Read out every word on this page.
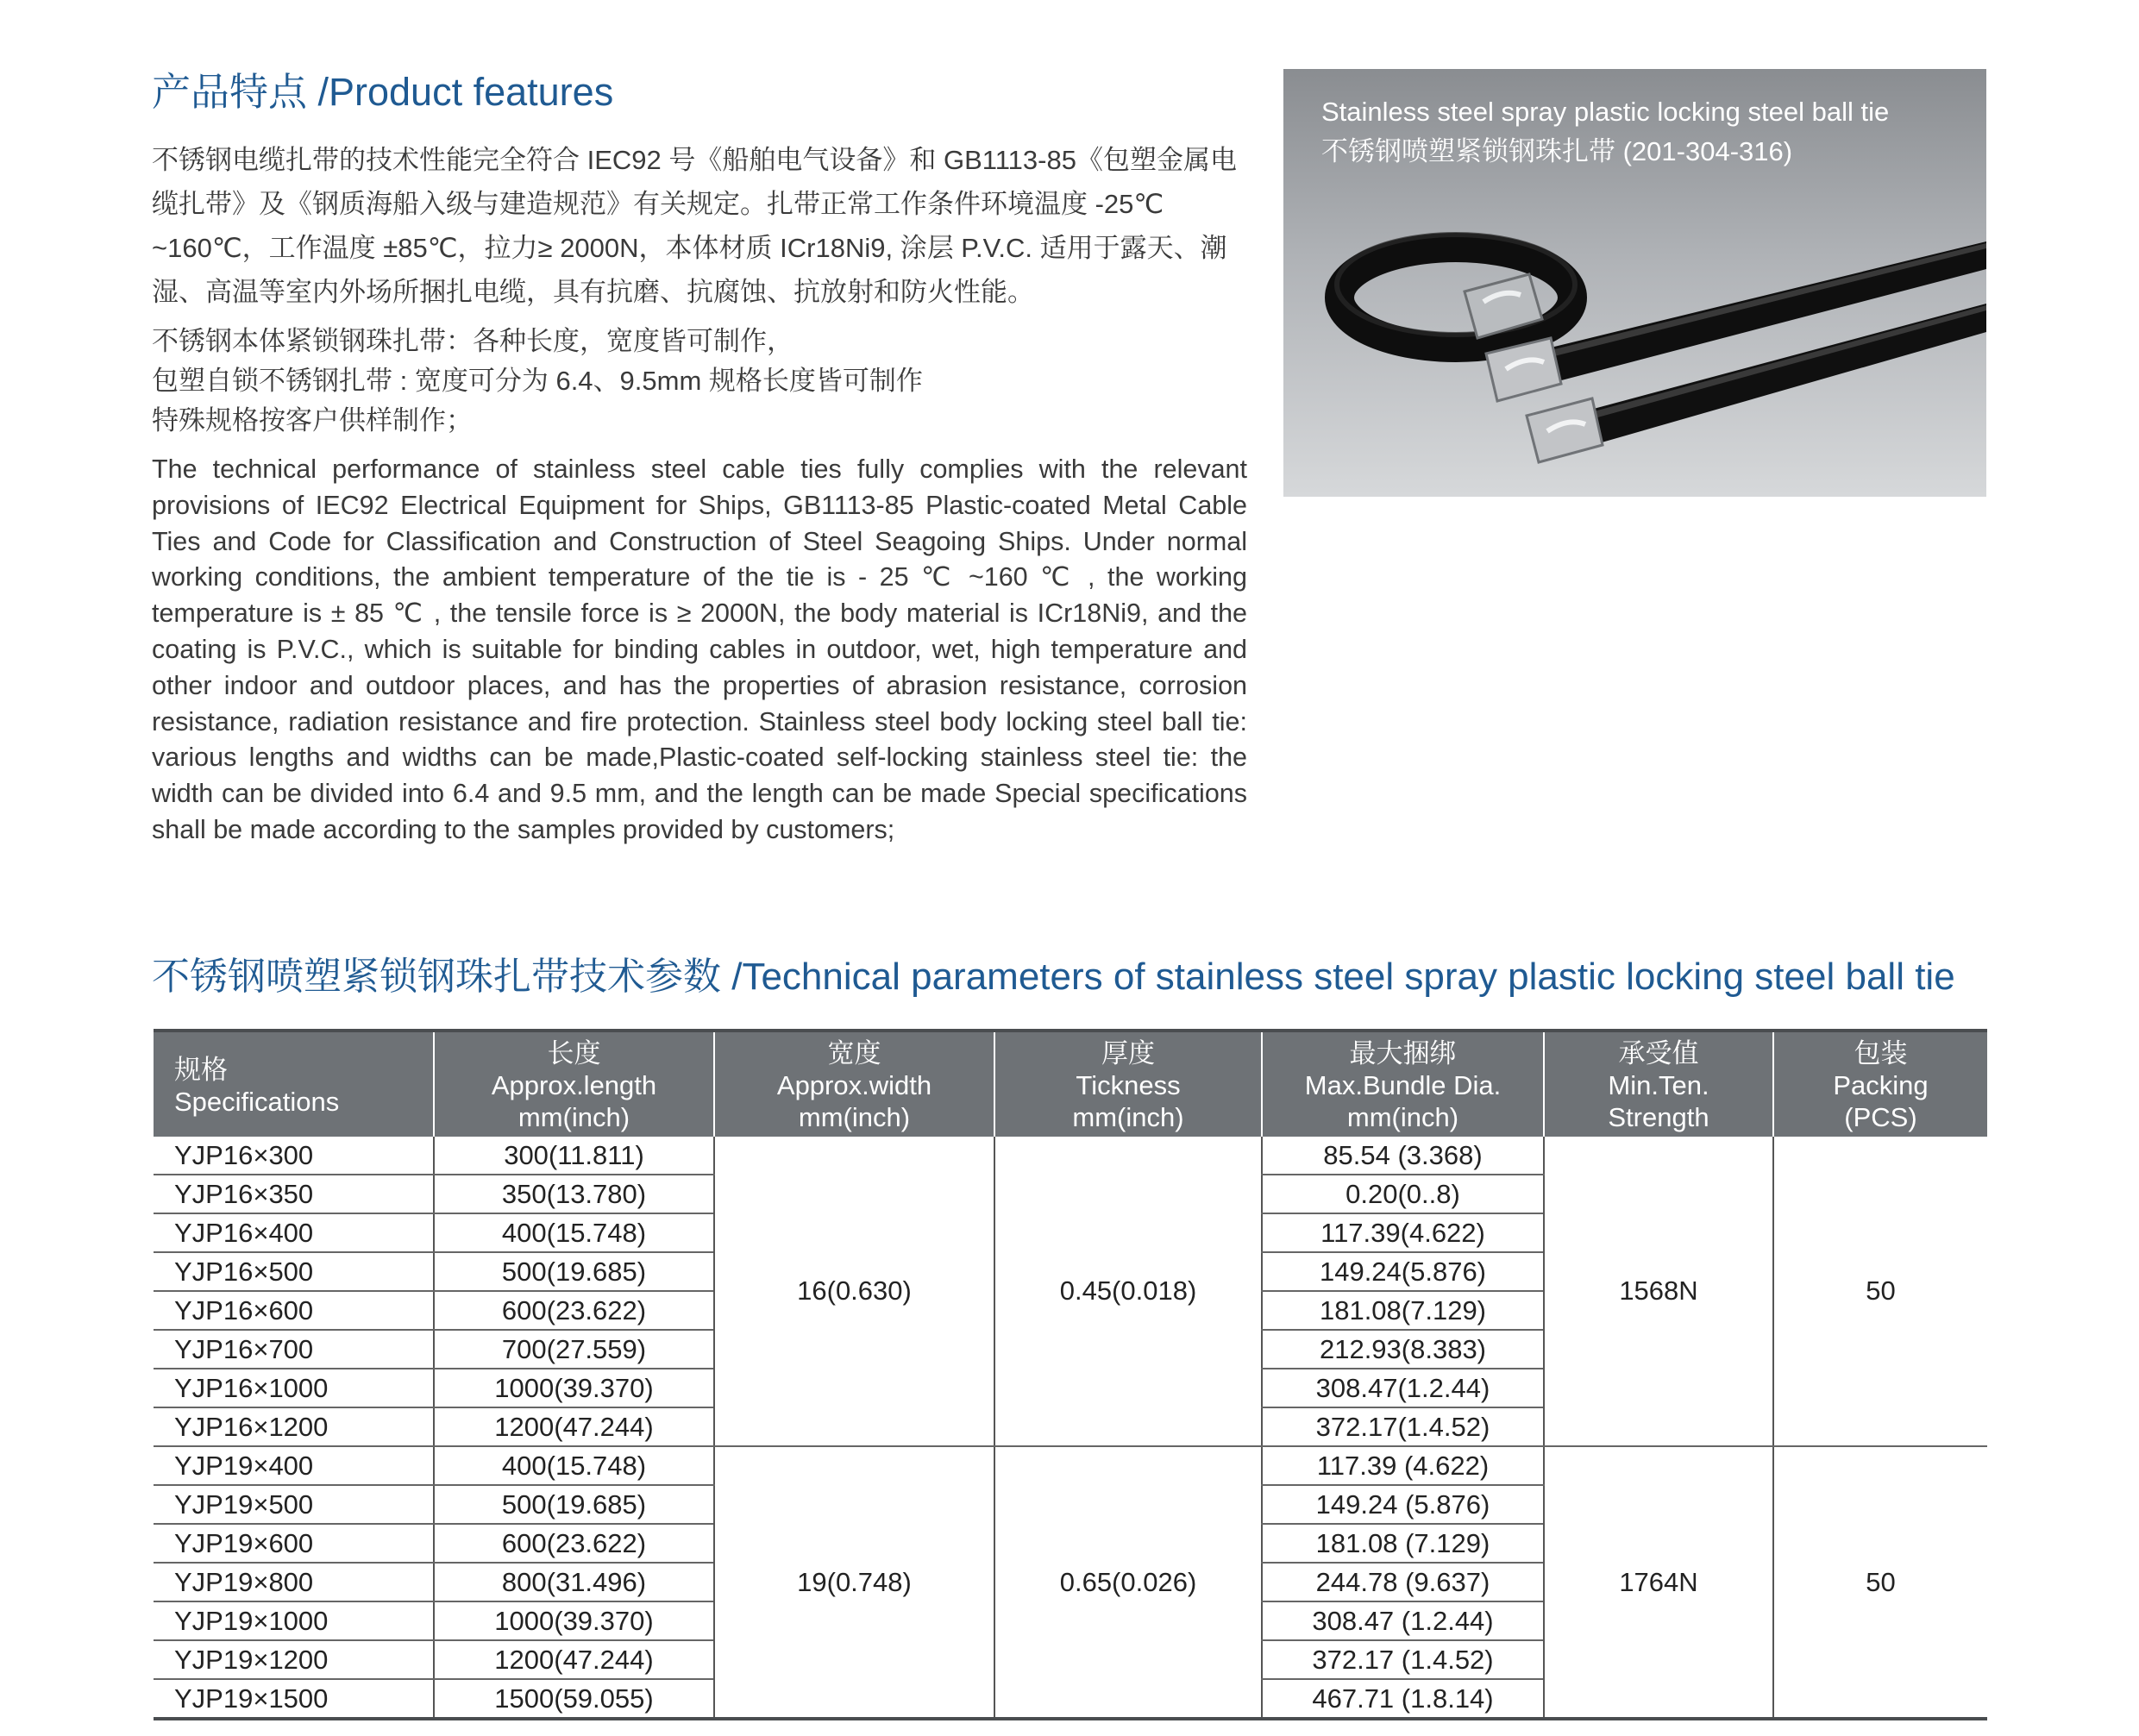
产品特点 /Product features

不锈钢电缆扎带的技术性能完全符合 IEC92 号《船舶电气设备》和 GB1113-85《包塑金属电缆扎带》及《钢质海船入级与建造规范》有关规定。扎带正常工作条件环境温度 -25℃ ~160℃，工作温度 ±85℃，拉力≥ 2000N，本体材质 ICr18Ni9, 涂层 P.V.C. 适用于露天、潮湿、高温等室内外场所捆扎电缆，具有抗磨、抗腐蚀、抗放射和防火性能。

不锈钢本体紧锁钢珠扎带：各种长度，宽度皆可制作，

包塑自锁不锈钢扎带 : 宽度可分为 6.4、9.5mm 规格长度皆可制作

特殊规格按客户供样制作；

The technical performance of stainless steel cable ties fully complies with the relevant provisions of IEC92 Electrical Equipment for Ships, GB1113-85 Plastic-coated Metal Cable Ties and Code for Classification and Construction of Steel Seagoing Ships. Under normal working conditions, the ambient temperature of the tie is - 25 ℃ ~160 ℃ , the working temperature is ± 85 ℃ , the tensile force is ≥ 2000N, the body material is ICr18Ni9, and the coating is P.V.C., which is suitable for binding cables in outdoor, wet, high temperature and other indoor and outdoor places, and has the properties of abrasion resistance, corrosion resistance, radiation resistance and fire protection. Stainless steel body locking steel ball tie: various lengths and widths can be made,Plastic-coated self-locking stainless steel tie: the width can be divided into 6.4 and 9.5 mm, and the length can be made Special specifications shall be made according to the samples provided by customers;

Stainless steel spray plastic locking steel ball tie
不锈钢喷塑紧锁钢珠扎带 (201-304-316)
不锈钢喷塑紧锁钢珠扎带技术参数 /Technical parameters of stainless steel spray plastic locking steel ball tie
规格
Specifications	长度
Approx.length
mm(inch)	宽度
Approx.width
mm(inch)	厚度
Tickness
mm(inch)	最大捆绑
Max.Bundle Dia.
mm(inch)	承受值
Min.Ten.
Strength	包装
Packing
(PCS)
YJP16×300	300(11.811)	16(0.630)	0.45(0.018)	85.54 (3.368)	1568N	50
YJP16×350	350(13.780)			0.20(0..8)		
YJP16×400	400(15.748)			117.39(4.622)		
YJP16×500	500(19.685)			149.24(5.876)		
YJP16×600	600(23.622)			181.08(7.129)		
YJP16×700	700(27.559)			212.93(8.383)		
YJP16×1000	1000(39.370)			308.47(1.2.44)		
YJP16×1200	1200(47.244)			372.17(1.4.52)		
YJP19×400	400(15.748)	19(0.748)	0.65(0.026)	117.39 (4.622)	1764N	50
YJP19×500	500(19.685)			149.24 (5.876)		
YJP19×600	600(23.622)			181.08 (7.129)		
YJP19×800	800(31.496)			244.78 (9.637)		
YJP19×1000	1000(39.370)			308.47 (1.2.44)		
YJP19×1200	1200(47.244)			372.17 (1.4.52)		
YJP19×1500	1500(59.055)			467.71 (1.8.14)		
